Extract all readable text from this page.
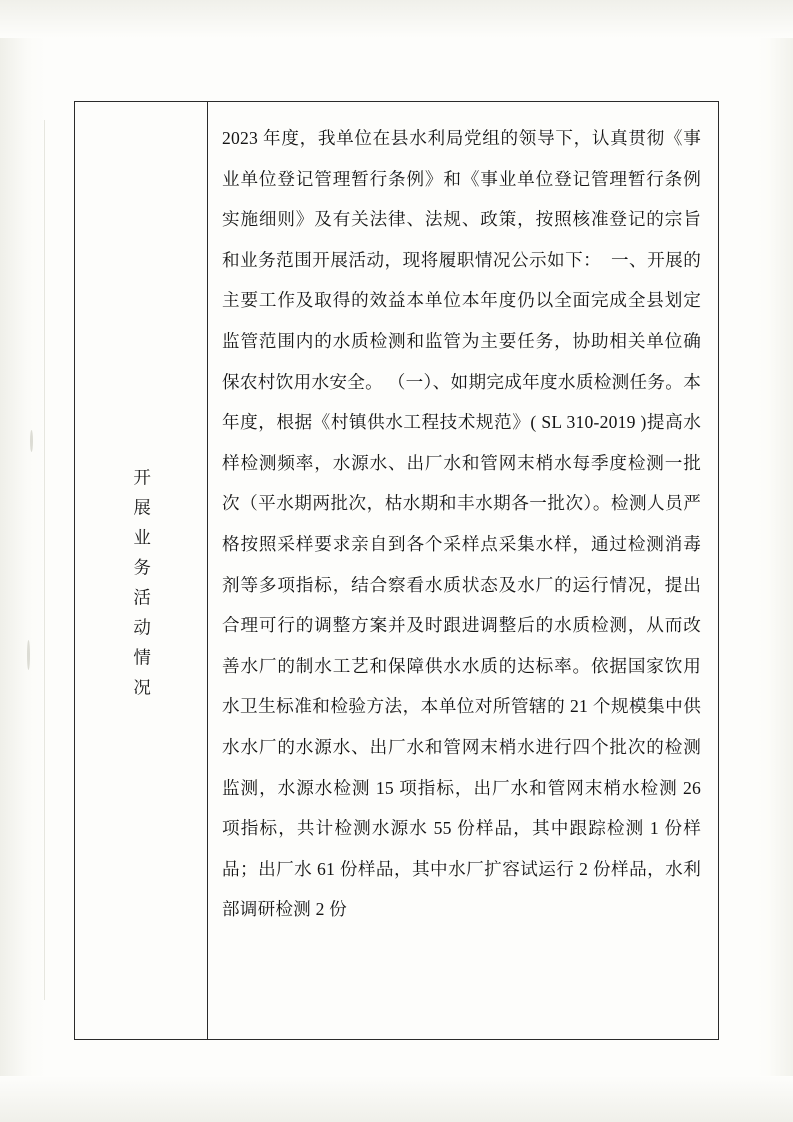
开展业务活动情况
2023 年度，我单位在县水利局党组的领导下，认真贯彻《事业单位登记管理暂行条例》和《事业单位登记管理暂行条例实施细则》及有关法律、法规、政策，按照核准登记的宗旨和业务范围开展活动，现将履职情况公示如下：  一、开展的主要工作及取得的效益本单位本年度仍以全面完成全县划定监管范围内的水质检测和监管为主要任务，协助相关单位确保农村饮用水安全。 （一）、如期完成年度水质检测任务。本年度，根据《村镇供水工程技术规范》( SL 310-2019 )提高水样检测频率，水源水、出厂水和管网末梢水每季度检测一批次（平水期两批次，枯水期和丰水期各一批次）。检测人员严格按照采样要求亲自到各个采样点采集水样，通过检测消毒剂等多项指标，结合察看水质状态及水厂的运行情况，提出合理可行的调整方案并及时跟进调整后的水质检测，从而改善水厂的制水工艺和保障供水水质的达标率。依据国家饮用水卫生标准和检验方法，本单位对所管辖的 21 个规模集中供水水厂的水源水、出厂水和管网末梢水进行四个批次的检测监测，水源水检测 15 项指标，出厂水和管网末梢水检测 26 项指标，共计检测水源水 55 份样品，其中跟踪检测 1 份样品；出厂水 61 份样品，其中水厂扩容试运行 2 份样品，水利部调研检测 2 份
